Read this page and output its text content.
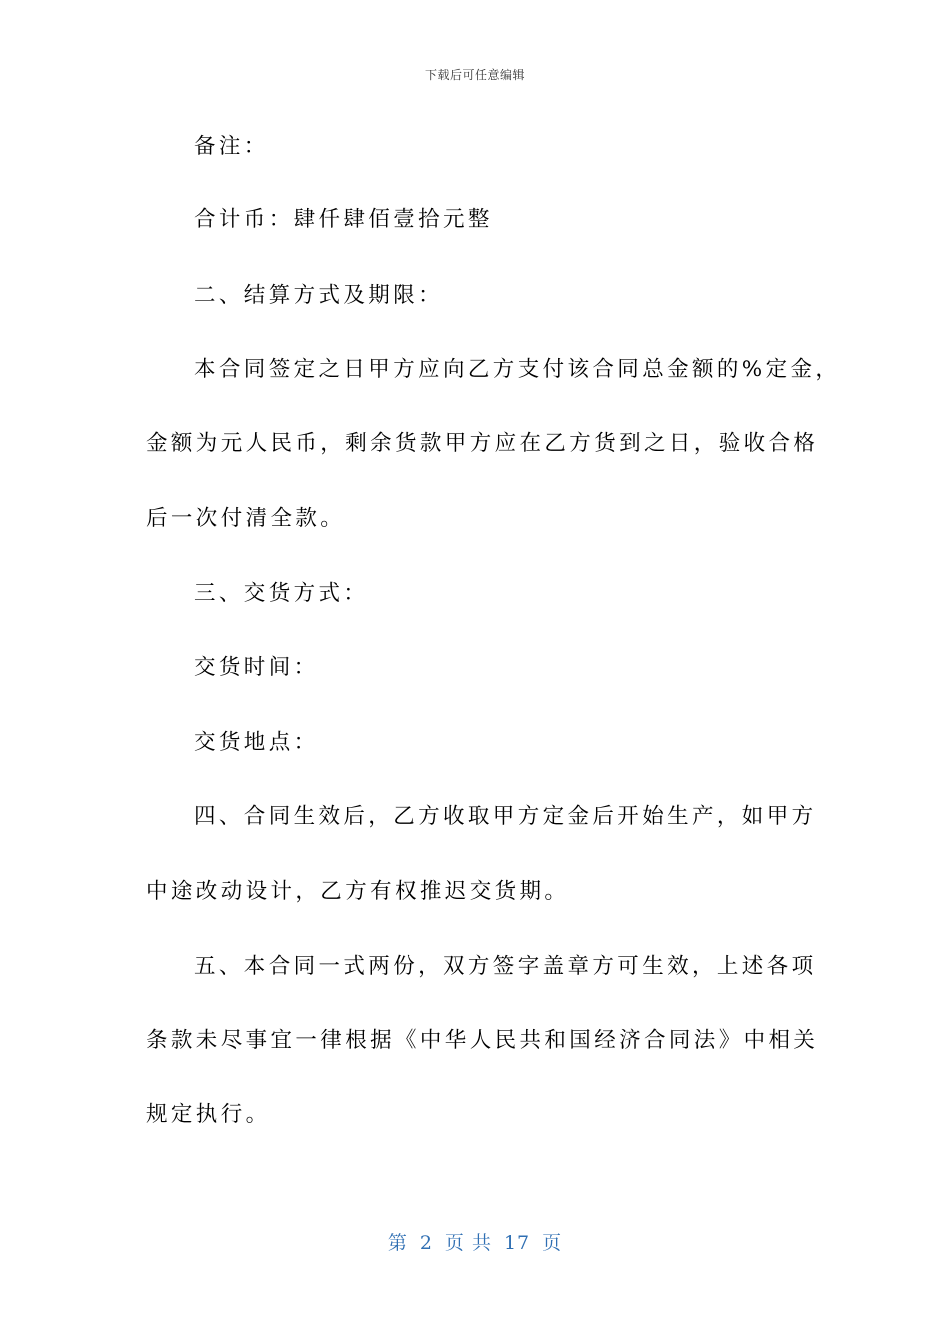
下载后可任意编辑
备注：
合计币：肆仟肆佰壹拾元整
二、结算方式及期限：
本合同签定之日甲方应向乙方支付该合同总金额的%定金，
金额为元人民币，剩余货款甲方应在乙方货到之日，验收合格
后一次付清全款。
三、交货方式：
交货时间：
交货地点：
四、合同生效后，乙方收取甲方定金后开始生产，如甲方
中途改动设计，乙方有权推迟交货期。
五、本合同一式两份，双方签字盖章方可生效，上述各项
条款未尽事宜一律根据《中华人民共和国经济合同法》中相关
规定执行。
第 2 页 共 17 页
